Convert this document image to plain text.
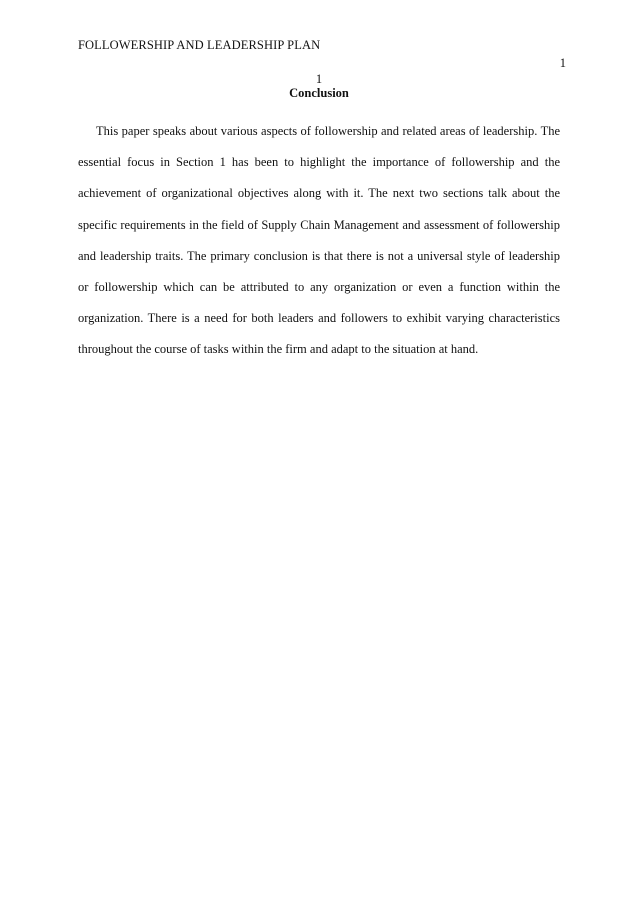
FOLLOWERSHIP AND LEADERSHIP PLAN
1
1
Conclusion

This paper speaks about various aspects of followership and related areas of leadership. The essential focus in Section 1 has been to highlight the importance of followership and the achievement of organizational objectives along with it. The next two sections talk about the specific requirements in the field of Supply Chain Management and assessment of followership and leadership traits. The primary conclusion is that there is not a universal style of leadership or followership which can be attributed to any organization or even a function within the organization. There is a need for both leaders and followers to exhibit varying characteristics throughout the course of tasks within the firm and adapt to the situation at hand.
